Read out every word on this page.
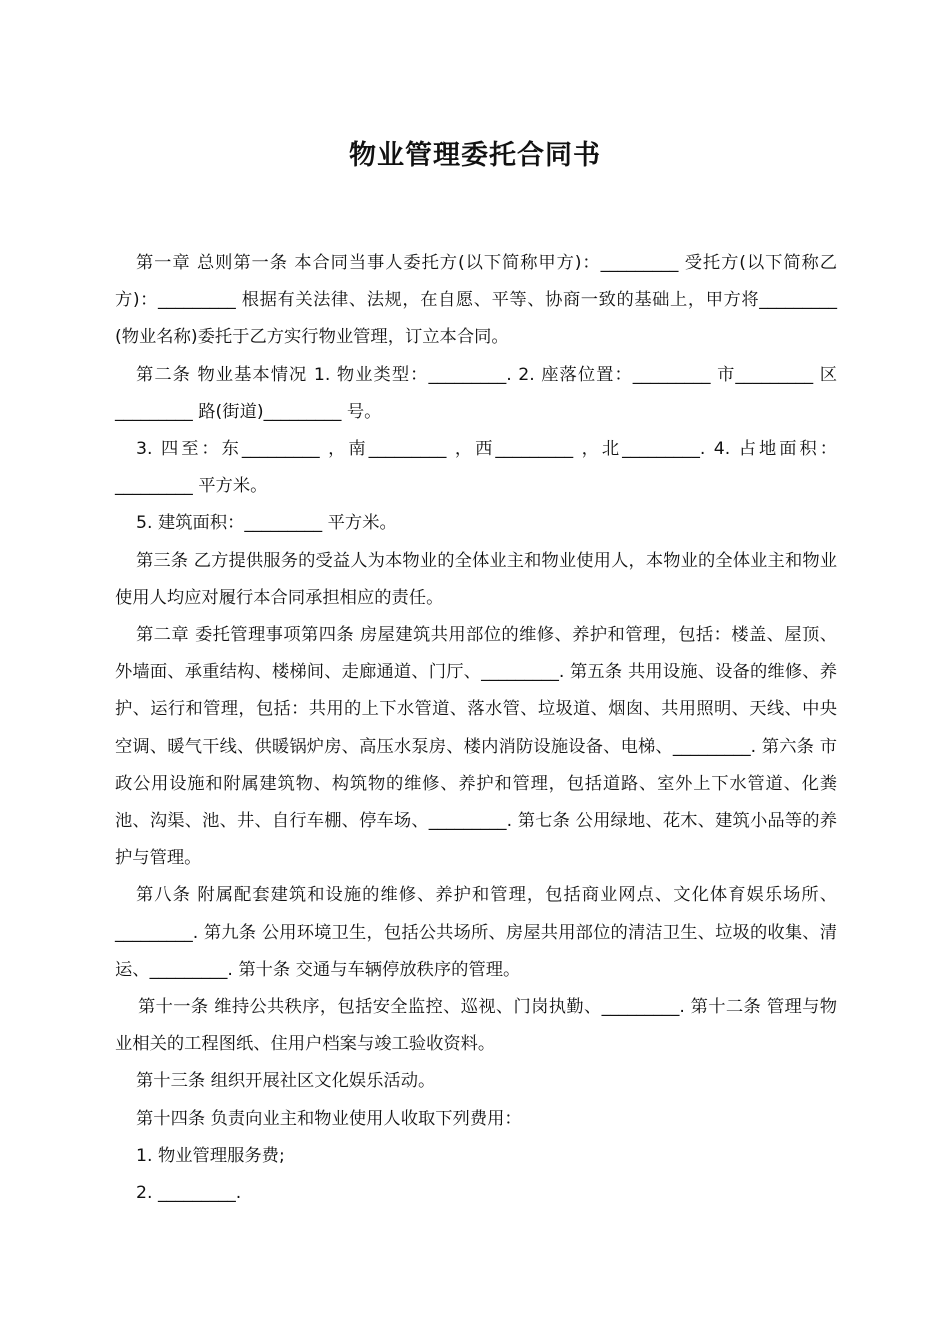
物业管理委托合同书

第一章 总则第一条 本合同当事人委托方(以下简称甲方)：_________ 受托方(以下简称乙方)：_________ 根据有关法律、法规，在自愿、平等、协商一致的基础上，甲方将_________ (物业名称)委托于乙方实行物业管理，订立本合同。

第二条 物业基本情况 1. 物业类型：_________. 2. 座落位置：_________ 市_________ 区_________ 路(街道)_________ 号。

3. 四至：东_________ ，南_________ ，西_________ ，北_________. 4. 占地面积：_________ 平方米。

5. 建筑面积：_________ 平方米。

第三条 乙方提供服务的受益人为本物业的全体业主和物业使用人，本物业的全体业主和物业使用人均应对履行本合同承担相应的责任。

第二章 委托管理事项第四条 房屋建筑共用部位的维修、养护和管理，包括：楼盖、屋顶、外墙面、承重结构、楼梯间、走廊通道、门厅、_________. 第五条 共用设施、设备的维修、养护、运行和管理，包括：共用的上下水管道、落水管、垃圾道、烟囱、共用照明、天线、中央空调、暖气干线、供暖锅炉房、高压水泵房、楼内消防设施设备、电梯、_________. 第六条 市政公用设施和附属建筑物、构筑物的维修、养护和管理，包括道路、室外上下水管道、化粪池、沟渠、池、井、自行车棚、停车场、_________. 第七条 公用绿地、花木、建筑小品等的养护与管理。

第八条 附属配套建筑和设施的维修、养护和管理，包括商业网点、文化体育娱乐场所、_________. 第九条 公用环境卫生，包括公共场所、房屋共用部位的清洁卫生、垃圾的收集、清运、_________. 第十条 交通与车辆停放秩序的管理。

第十一条 维持公共秩序，包括安全监控、巡视、门岗执勤、_________. 第十二条 管理与物业相关的工程图纸、住用户档案与竣工验收资料。

第十三条 组织开展社区文化娱乐活动。

第十四条 负责向业主和物业使用人收取下列费用：

1. 物业管理服务费;

2. _________.
